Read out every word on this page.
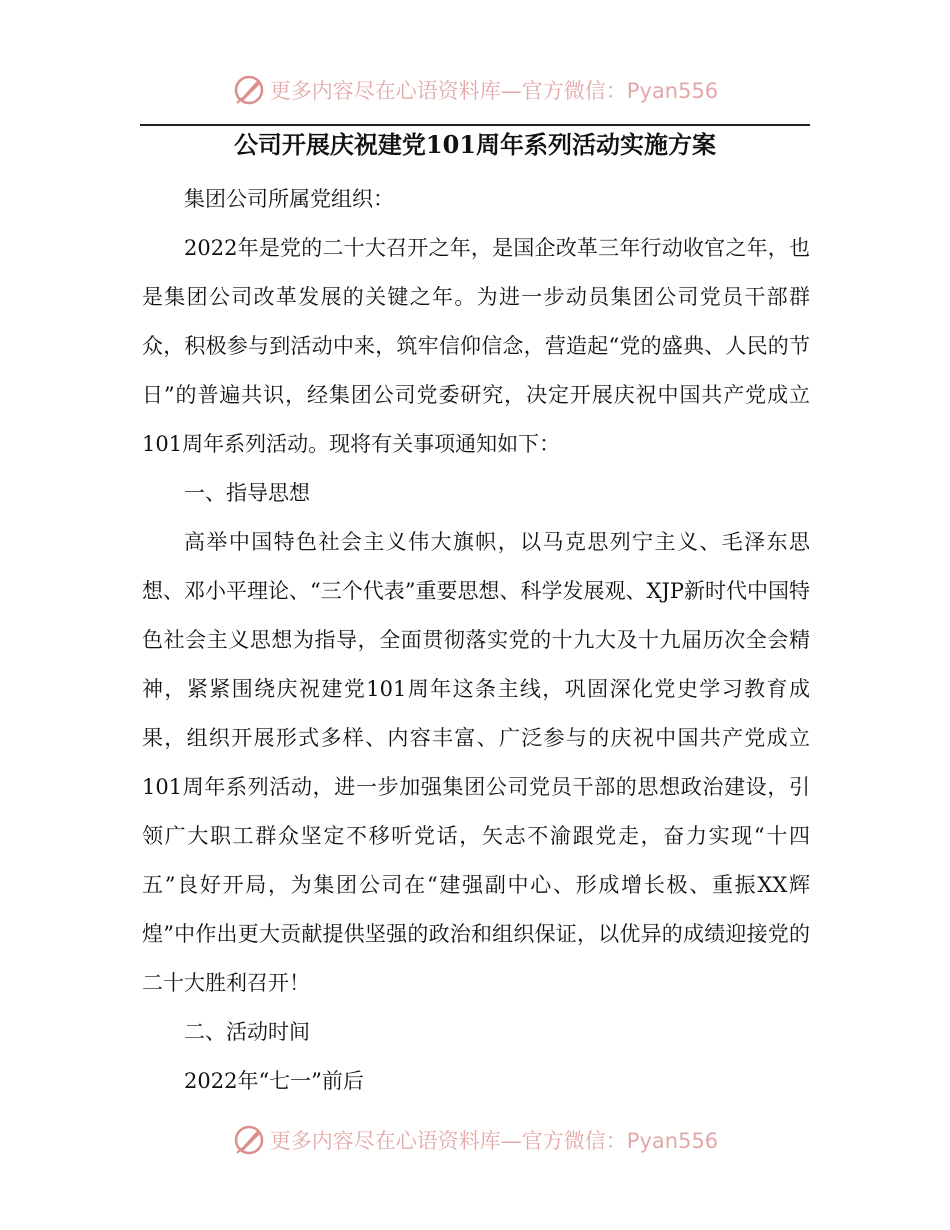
更多内容尽在心语资料库—官方微信：Pyan556
公司开展庆祝建党101周年系列活动实施方案

集团公司所属党组织：

2022年是党的二十大召开之年，是国企改革三年行动收官之年，也是集团公司改革发展的关键之年。为进一步动员集团公司党员干部群众，积极参与到活动中来，筑牢信仰信念，营造起“党的盛典、人民的节日”的普遍共识，经集团公司党委研究，决定开展庆祝中国共产党成立101周年系列活动。现将有关事项通知如下：

一、指导思想

高举中国特色社会主义伟大旗帜，以马克思列宁主义、毛泽东思想、邓小平理论、“三个代表”重要思想、科学发展观、XJP新时代中国特色社会主义思想为指导，全面贯彻落实党的十九大及十九届历次全会精神，紧紧围绕庆祝建党101周年这条主线，巩固深化党史学习教育成果，组织开展形式多样、内容丰富、广泛参与的庆祝中国共产党成立101周年系列活动，进一步加强集团公司党员干部的思想政治建设，引领广大职工群众坚定不移听党话，矢志不渝跟党走，奋力实现“十四五”良好开局，为集团公司在“建强副中心、形成增长极、重振XX辉煌”中作出更大贡献提供坚强的政治和组织保证，以优异的成绩迎接党的二十大胜利召开！

二、活动时间

2022年“七一”前后

更多内容尽在心语资料库—官方微信：Pyan556
